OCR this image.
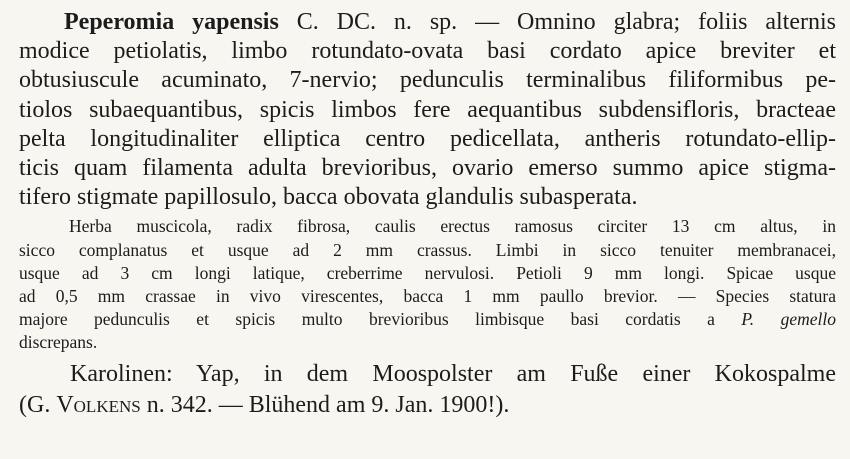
Peperomia yapensis C. DC. n. sp. — Omnino glabra; foliis alternis
modice petiolatis, limbo rotundato-ovata basi cordato apice breviter et
obtusiuscule acuminato, 7-nervio; pedunculis terminalibus filiformibus pe-
tiolos subaequantibus, spicis limbos fere aequantibus subdensifloris, bracteae
pelta longitudinaliter elliptica centro pedicellata, antheris rotundato-ellip-
ticis quam filamenta adulta brevioribus, ovario emerso summo apice stigma-
tifero stigmate papillosulo, bacca obovata glandulis subasperata.
Herba muscicola, radix fibrosa, caulis erectus ramosus circiter 13 cm altus, in
sicco complanatus et usque ad 2 mm crassus. Limbi in sicco tenuiter membranacei,
usque ad 3 cm longi latique, creberrime nervulosi. Petioli 9 mm longi. Spicae usque
ad 0,5 mm crassae in vivo virescentes, bacca 1 mm paullo brevior. — Species statura
majore pedunculis et spicis multo brevioribus limbisque basi cordatis a P. gemello
discrepans.
Karolinen: Yap, in dem Moospolster am Fuße einer Kokospalme
(G. Volkens n. 342. — Blühend am 9. Jan. 1900!).
